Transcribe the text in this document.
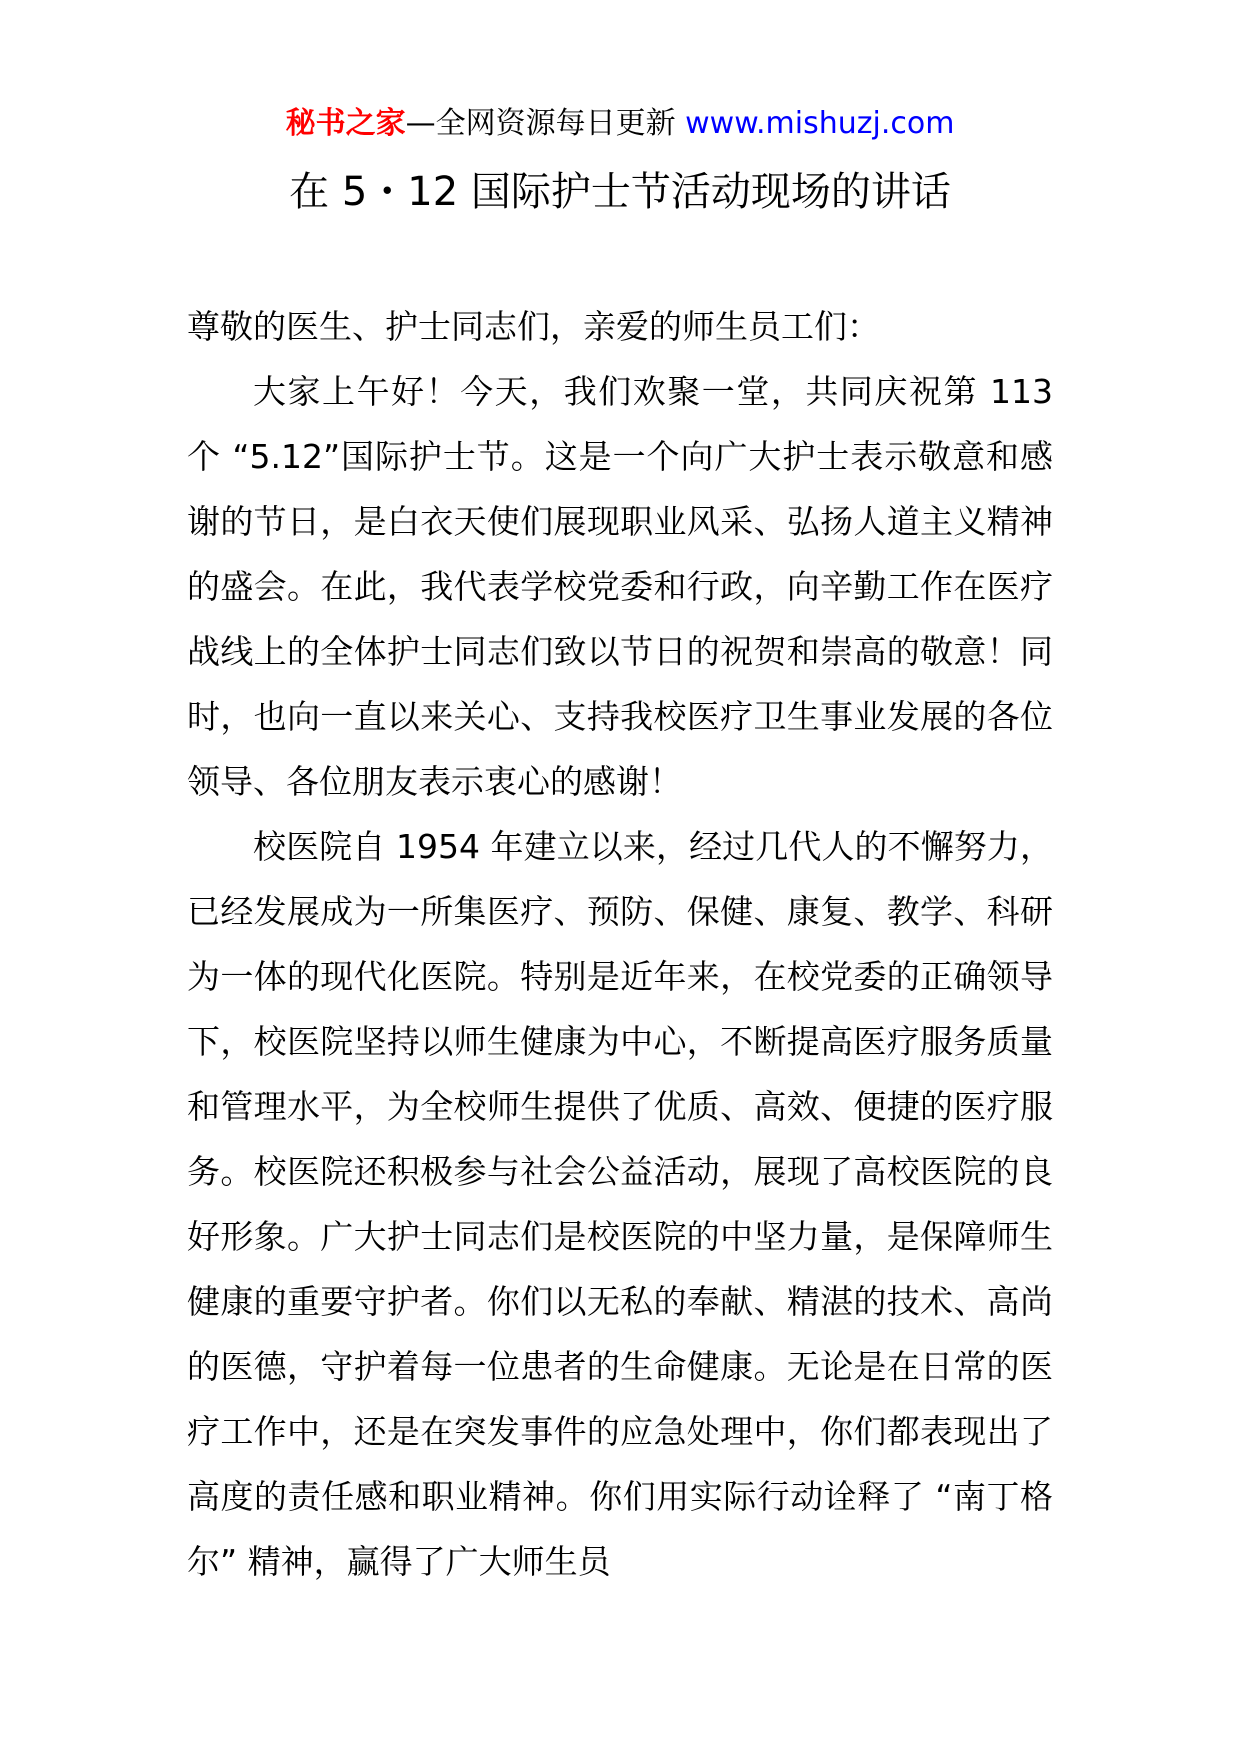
秘书之家—全网资源每日更新 www.mishuzj.com
在 5・12 国际护士节活动现场的讲话

尊敬的医生、护士同志们，亲爱的师生员工们：

大家上午好！今天，我们欢聚一堂，共同庆祝第 113 个 “5.12”国际护士节。这是一个向广大护士表示敬意和感谢的节日，是白衣天使们展现职业风采、弘扬人道主义精神的盛会。在此，我代表学校党委和行政，向辛勤工作在医疗战线上的全体护士同志们致以节日的祝贺和崇高的敬意！同时，也向一直以来关心、支持我校医疗卫生事业发展的各位领导、各位朋友表示衷心的感谢！

校医院自 1954 年建立以来，经过几代人的不懈努力，已经发展成为一所集医疗、预防、保健、康复、教学、科研为一体的现代化医院。特别是近年来，在校党委的正确领导下，校医院坚持以师生健康为中心，不断提高医疗服务质量和管理水平，为全校师生提供了优质、高效、便捷的医疗服务。校医院还积极参与社会公益活动，展现了高校医院的良好形象。广大护士同志们是校医院的中坚力量，是保障师生健康的重要守护者。你们以无私的奉献、精湛的技术、高尚的医德，守护着每一位患者的生命健康。无论是在日常的医疗工作中，还是在突发事件的应急处理中，你们都表现出了高度的责任感和职业精神。你们用实际行动诠释了 “南丁格尔” 精神，赢得了广大师生员
